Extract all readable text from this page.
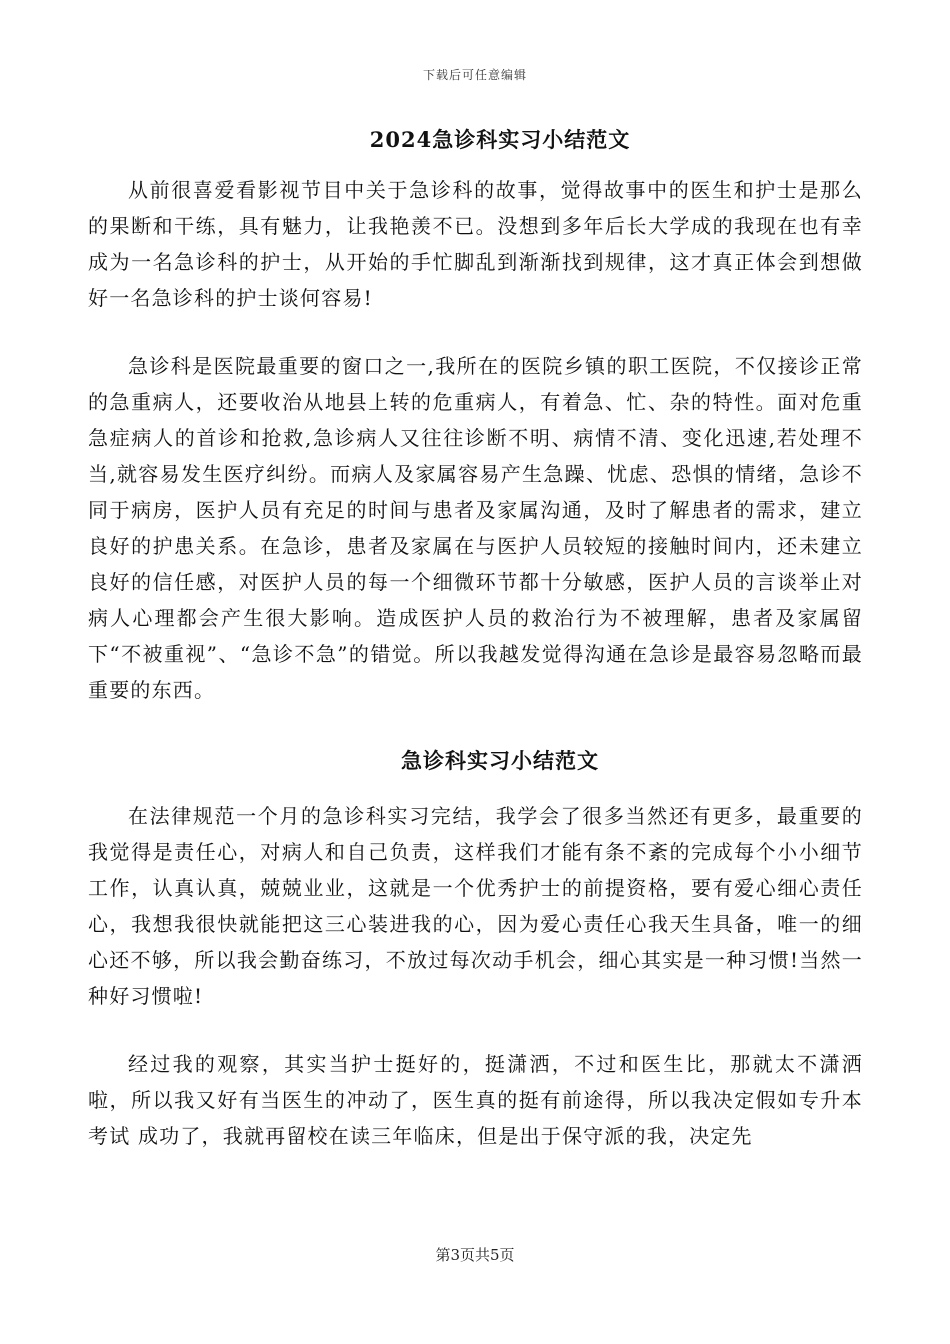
下载后可任意编辑
2024急诊科实习小结范文

从前很喜爱看影视节目中关于急诊科的故事，觉得故事中的医生和护士是那么的果断和干练，具有魅力，让我艳羡不已。没想到多年后长大学成的我现在也有幸成为一名急诊科的护士，从开始的手忙脚乱到渐渐找到规律，这才真正体会到想做好一名急诊科的护士谈何容易!

急诊科是医院最重要的窗口之一,我所在的医院乡镇的职工医院，不仅接诊正常的急重病人，还要收治从地县上转的危重病人，有着急、忙、杂的特性。面对危重急症病人的首诊和抢救,急诊病人又往往诊断不明、病情不清、变化迅速,若处理不当,就容易发生医疗纠纷。而病人及家属容易产生急躁、忧虑、恐惧的情绪，急诊不同于病房，医护人员有充足的时间与患者及家属沟通，及时了解患者的需求，建立良好的护患关系。在急诊，患者及家属在与医护人员较短的接触时间内，还未建立良好的信任感，对医护人员的每一个细微环节都十分敏感，医护人员的言谈举止对病人心理都会产生很大影响。造成医护人员的救治行为不被理解，患者及家属留下“不被重视”、“急诊不急”的错觉。所以我越发觉得沟通在急诊是最容易忽略而最重要的东西。

急诊科实习小结范文

在法律规范一个月的急诊科实习完结，我学会了很多当然还有更多，最重要的我觉得是责任心，对病人和自己负责，这样我们才能有条不紊的完成每个小小细节工作，认真认真，兢兢业业，这就是一个优秀护士的前提资格，要有爱心细心责任心，我想我很快就能把这三心装进我的心，因为爱心责任心我天生具备，唯一的细心还不够，所以我会勤奋练习，不放过每次动手机会，细心其实是一种习惯!当然一种好习惯啦!

经过我的观察，其实当护士挺好的，挺潇洒，不过和医生比，那就太不潇洒啦，所以我又好有当医生的冲动了，医生真的挺有前途得，所以我决定假如专升本考试 成功了，我就再留校在读三年临床，但是出于保守派的我，决定先

第3页共5页
